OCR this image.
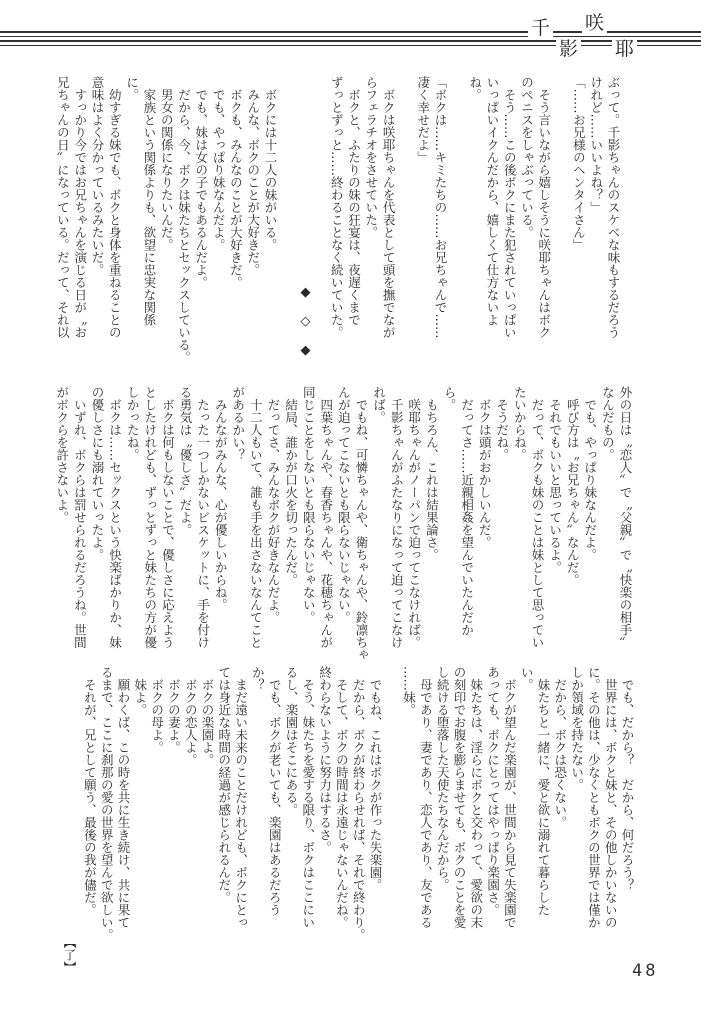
千 咲
影 耶
ぶって。千影ちゃんのスケベな味もするだろう
けれど……いいよね？」
「……お兄様のヘンタイさん」
　そう言いながら嬉しそうに咲耶ちゃんはボク
のペニスをしゃぶっている。
　そう……この後ボクにまた犯されていっぱい
いっぱいイクんだから、嬉しくて仕方ないよ
ね。
「ボクは……キミたちの……お兄ちゃんで……
凄く幸せだよ」
　ボクは咲耶ちゃんを代表として頭を撫でなが
らフェラチオをさせていた。
　ボクと、ふたりの妹の狂宴は、夜遅くまで
ずっとずっと……終わることなく続いていた。
◆◇◆
　ボクには十二人の妹がいる。
　みんな、ボクのことが大好きだ。
　ボクも、みんなのことが大好きだ。
　でも、やっぱり妹なんだよ。
　でも、妹は女の子でもあるんだよ。
　だから、今、ボクは妹たちとセックスしている。
　男女の関係になりたいんだ。
　家族という関係よりも、欲望に忠実な関係
に。
　幼すぎる妹でも、ボクと身体を重ねることの
意味はよく分かっているみたいだ。
　すっかり今ではお兄ちゃんを演じる日が〝お
兄ちゃんの日〟になっている。だって、それ以
外の日は〝恋人〟で〝父親〟で〝快楽の相手〟
なんだもの。
　でも、やっぱり妹なんだよ。
　呼び方は〝お兄ちゃん〟なんだ。
　それでもいいと思っているよ。
　だって、ボクも妹のことは妹として思ってい
たいからね。
　そうだね。
　ボクは頭がおかしいんだ。
　だってさ……近親相姦を望んでいたんだか
ら。
　もちろん、これは結果論さ。
　咲耶ちゃんがノーパンで迫ってこなければ。
　千影ちゃんがふたなりになって迫ってこなけ
れば。
　でもね、可憐ちゃんや、衛ちゃんや、鈴凛ちゃ
んが迫ってこないとも限らないじゃない。
　四葉ちゃんや、春香ちゃんや、花穂ちゃんが
同じことをしないとも限らないじゃない。
　結局、誰かが口火を切ったんだ。
　だってさ、みんなボクが好きなんだよ。
　十二人もいて、誰も手を出さないなんてこと
があるかい？
　みんながみんな、心が優しいからね。
　たった一つしかないビスケットに、手を付け
る勇気は〝優しさ〟だよ。
　ボクは何もしないことで、優しさに応えよう
としたけれども、ずっとずっと妹たちの方が優
しかったね。
　ボクは……セックスという快楽ばかりか、妹
の優しさにも溺れていったよ。
　いずれ、ボクらは罰せられるだろうね。世間
がボクらを許さないよ。
　でも、だから？　だから、何だろう？
　世界には、ボクと妹と、その他しかいないの
に。その他は、少なくともボクの世界では僅か
しか領域を持たない。
　だから、ボクは恐くない。
　妹たちと一緒に、愛と欲に溺れて暮らした
い。
　ボクが望んだ楽園が、世間から見て失楽園で
あっても、ボクにとってはやっぱり楽園さ。
　妹たちは、淫らにボクと交わって、愛欲の末
の刻印でお腹を膨らませても、ボクのことを愛
し続ける堕落した天使たちなんだから。
　母であり、妻であり、恋人であり、友である
……妹。
　でもね、これはボクが作った失楽園。
　だから、ボクが終わらせれば、それで終わり。
　そして、ボクの時間は永遠じゃないんだね。
終わらないように努力はするさ。
　そう、妹たちを愛する限り、ボクはここにい
るし、楽園はそこにある。
　でも、ボクが老いても、楽園はあるだろう
か？
　まだ遠い未来のことだけれども、ボクにとっ
ては身近な時間の経過が感じられるんだ。
　ボクの楽園よ。
　ボクの恋人よ。
　ボクの妻よ。
　ボクの母よ。
　妹よ。
　願わくば、この時を共に生き続け、共に果て
るまで、ここに刹那の愛の世界を望んで欲しい。
　それが、兄として願う、最後の我が儘だ。
【了】	48
